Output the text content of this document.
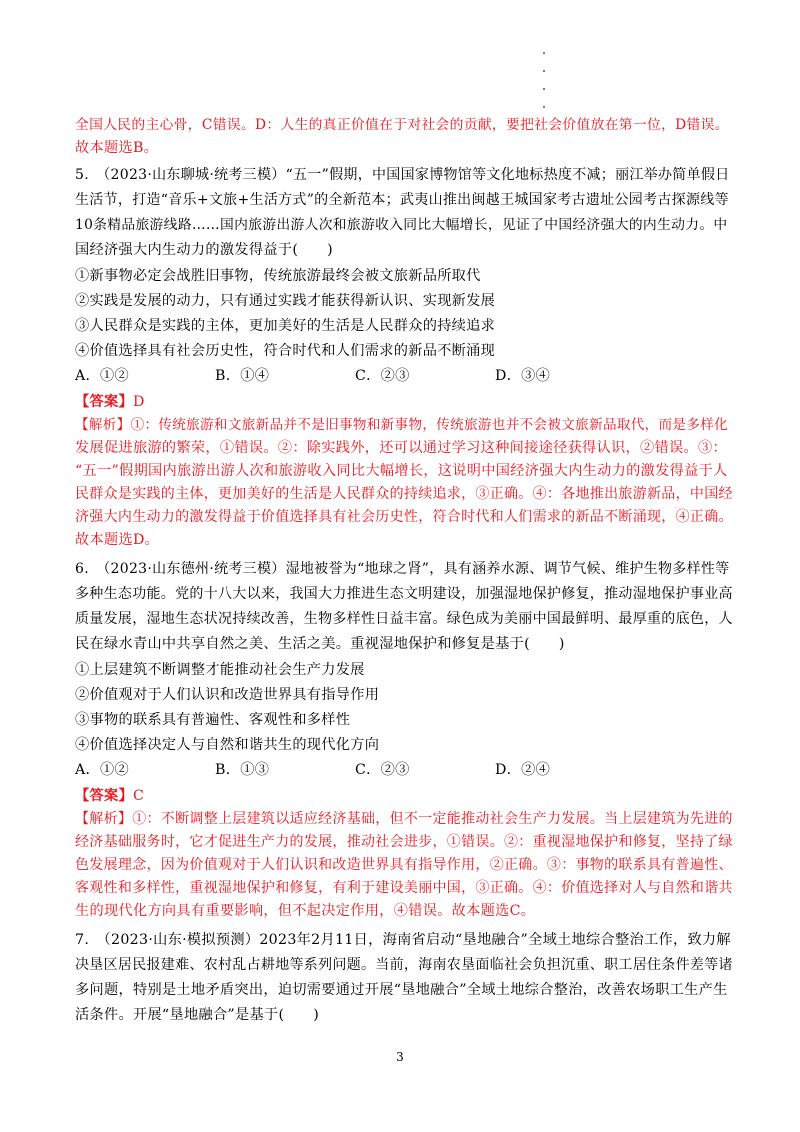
全国人民的主心骨，C错误。D：人生的真正价值在于对社会的贡献，要把社会价值放在第一位，D错误。
故本题选B。
5.　（2023·山东聊城·统考三模）“五一”假期，中国国家博物馆等文化地标热度不减；丽江举办简单假日
生活节，打造“音乐+文旅+生活方式”的全新范本；武夷山推出闽越王城国家考古遗址公园考古探源线等
10条精品旅游线路……国内旅游出游人次和旅游收入同比大幅增长，见证了中国经济强大的内生动力。中
国经济强大内生动力的激发得益于(　　)
①新事物必定会战胜旧事物，传统旅游最终会被文旅新品所取代
②实践是发展的动力，只有通过实践才能获得新认识、实现新发展
③人民群众是实践的主体，更加美好的生活是人民群众的持续追求
④价值选择具有社会历史性，符合时代和人们需求的新品不断涌现
A．①②	B．①④	C．②③	D．③④
【答案】D
【解析】①：传统旅游和文旅新品并不是旧事物和新事物，传统旅游也并不会被文旅新品取代，而是多样化
发展促进旅游的繁荣，①错误。②：除实践外，还可以通过学习这种间接途径获得认识，②错误。③：
“五一”假期国内旅游出游人次和旅游收入同比大幅增长，这说明中国经济强大内生动力的激发得益于人
民群众是实践的主体，更加美好的生活是人民群众的持续追求，③正确。④：各地推出旅游新品，中国经
济强大内生动力的激发得益于价值选择具有社会历史性，符合时代和人们需求的新品不断涌现，④正确。
故本题选D。
6.　（2023·山东德州·统考三模）湿地被誉为“地球之肾”，具有涵养水源、调节气候、维护生物多样性等
多种生态功能。党的十八大以来，我国大力推进生态文明建设，加强湿地保护修复，推动湿地保护事业高
质量发展，湿地生态状况持续改善，生物多样性日益丰富。绿色成为美丽中国最鲜明、最厚重的底色，人
民在绿水青山中共享自然之美、生活之美。重视湿地保护和修复是基于(　　)
①上层建筑不断调整才能推动社会生产力发展
②价值观对于人们认识和改造世界具有指导作用
③事物的联系具有普遍性、客观性和多样性
④价值选择决定人与自然和谐共生的现代化方向
A．①②	B．①③	C．②③	D．②④
【答案】C
【解析】①：不断调整上层建筑以适应经济基础，但不一定能推动社会生产力发展。当上层建筑为先进的
经济基础服务时，它才促进生产力的发展，推动社会进步，①错误。②：重视湿地保护和修复，坚持了绿
色发展理念，因为价值观对于人们认识和改造世界具有指导作用，②正确。③：事物的联系具有普遍性、
客观性和多样性，重视湿地保护和修复，有利于建设美丽中国，③正确。④：价值选择对人与自然和谐共
生的现代化方向具有重要影响，但不起决定作用，④错误。故本题选C。
7.　（2023·山东·模拟预测）2023年2月11日，海南省启动“垦地融合”全域土地综合整治工作，致力解
决垦区居民报建难、农村乱占耕地等系列问题。当前，海南农垦面临社会负担沉重、职工居住条件差等诸
多问题，特别是土地矛盾突出，迫切需要通过开展“垦地融合”全域土地综合整治，改善农场职工生产生
活条件。开展“垦地融合”是基于(　　)
3
